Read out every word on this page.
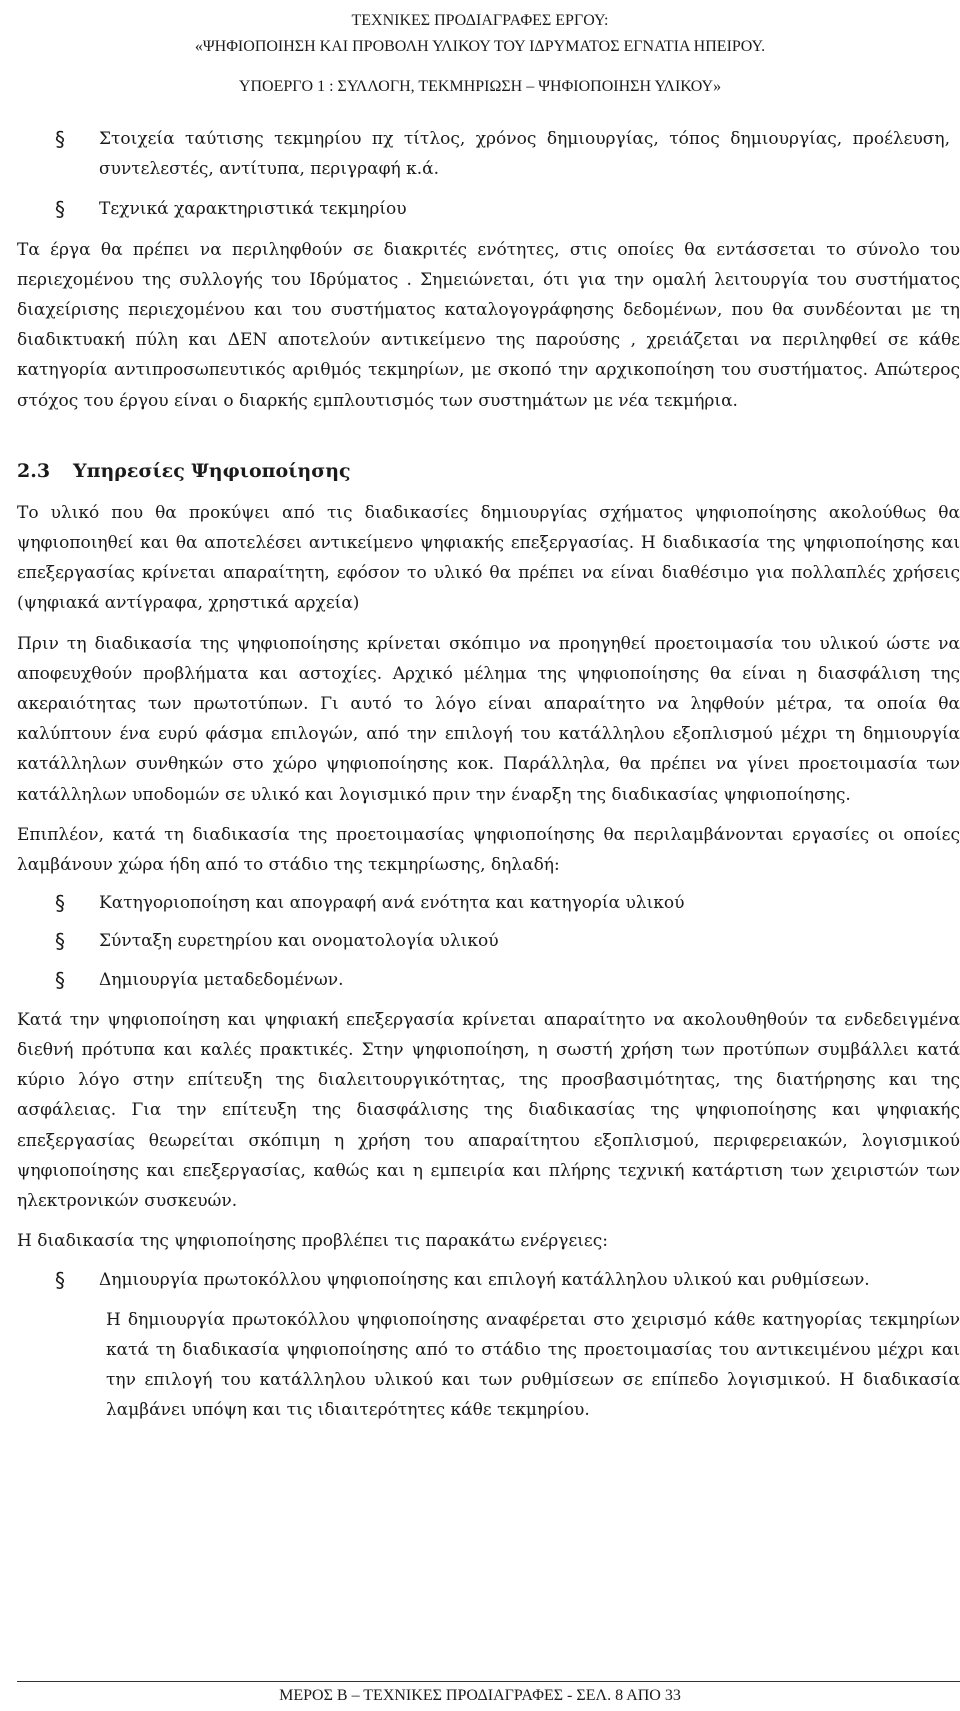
ΤΕΧΝΙΚΕΣ ΠΡΟΔΙΑΓΡΑΦΕΣ ΕΡΓΟΥ:
«ΨΗΦΙΟΠΟΙΗΣΗ ΚΑΙ ΠΡΟΒΟΛΗ ΥΛΙΚΟΥ ΤΟΥ ΙΔΡΥΜΑΤΟΣ ΕΓΝΑΤΙΑ ΗΠΕΙΡΟΥ.
ΥΠΟΕΡΓΟ 1 : ΣΥΛΛΟΓΗ, ΤΕΚΜΗΡΙΩΣΗ – ΨΗΦΙΟΠΟΙΗΣΗ ΥΛΙΚΟΥ»
§ Στοιχεία ταύτισης τεκμηρίου πχ τίτλος, χρόνος δημιουργίας, τόπος δημιουργίας, προέλευση, συντελεστές, αντίτυπα, περιγραφή κ.ά.
§ Τεχνικά χαρακτηριστικά τεκμηρίου

Τα έργα θα πρέπει να περιληφθούν σε διακριτές ενότητες, στις οποίες θα εντάσσεται το σύνολο του περιεχομένου της συλλογής του Ιδρύματος . Σημειώνεται, ότι για την ομαλή λειτουργία του συστήματος διαχείρισης περιεχομένου και του συστήματος καταλογογράφησης δεδομένων, που θα συνδέονται με τη διαδικτυακή πύλη και ΔΕΝ αποτελούν αντικείμενο της παρούσης , χρειάζεται να περιληφθεί σε κάθε κατηγορία αντιπροσωπευτικός αριθμός τεκμηρίων, με σκοπό την αρχικοποίηση του συστήματος. Απώτερος στόχος του έργου είναι ο διαρκής εμπλουτισμός των συστημάτων με νέα τεκμήρια.

2.3 Υπηρεσίες Ψηφιοποίησης

Το υλικό που θα προκύψει από τις διαδικασίες δημιουργίας σχήματος ψηφιοποίησης ακολούθως θα ψηφιοποιηθεί και θα αποτελέσει αντικείμενο ψηφιακής επεξεργασίας. Η διαδικασία της ψηφιοποίησης και επεξεργασίας κρίνεται απαραίτητη, εφόσον το υλικό θα πρέπει να είναι διαθέσιμο για πολλαπλές χρήσεις (ψηφιακά αντίγραφα, χρηστικά αρχεία)

Πριν τη διαδικασία της ψηφιοποίησης κρίνεται σκόπιμο να προηγηθεί προετοιμασία του υλικού ώστε να αποφευχθούν προβλήματα και αστοχίες. Αρχικό μέλημα της ψηφιοποίησης θα είναι η διασφάλιση της ακεραιότητας των πρωτοτύπων. Γι αυτό το λόγο είναι απαραίτητο να ληφθούν μέτρα, τα οποία θα καλύπτουν ένα ευρύ φάσμα επιλογών, από την επιλογή του κατάλληλου εξοπλισμού μέχρι τη δημιουργία κατάλληλων συνθηκών στο χώρο ψηφιοποίησης κοκ. Παράλληλα, θα πρέπει να γίνει προετοιμασία των κατάλληλων υποδομών σε υλικό και λογισμικό πριν την έναρξη της διαδικασίας ψηφιοποίησης.

Επιπλέον, κατά τη διαδικασία της προετοιμασίας ψηφιοποίησης θα περιλαμβάνονται εργασίες οι οποίες λαμβάνουν χώρα ήδη από το στάδιο της τεκμηρίωσης, δηλαδή:

§ Κατηγοριοποίηση και απογραφή ανά ενότητα και κατηγορία υλικού
§ Σύνταξη ευρετηρίου και ονοματολογία υλικού
§ Δημιουργία μεταδεδομένων.

Κατά την ψηφιοποίηση και ψηφιακή επεξεργασία κρίνεται απαραίτητο να ακολουθηθούν τα ενδεδειγμένα διεθνή πρότυπα και καλές πρακτικές. Στην ψηφιοποίηση, η σωστή χρήση των προτύπων συμβάλλει κατά κύριο λόγο στην επίτευξη της διαλειτουργικότητας, της προσβασιμότητας, της διατήρησης και της ασφάλειας. Για την επίτευξη της διασφάλισης της διαδικασίας της ψηφιοποίησης και ψηφιακής επεξεργασίας θεωρείται σκόπιμη η χρήση του απαραίτητου εξοπλισμού, περιφερειακών, λογισμικού ψηφιοποίησης και επεξεργασίας, καθώς και η εμπειρία και πλήρης τεχνική κατάρτιση των χειριστών των ηλεκτρονικών συσκευών.

Η διαδικασία της ψηφιοποίησης προβλέπει τις παρακάτω ενέργειες:

§ Δημιουργία πρωτοκόλλου ψηφιοποίησης και επιλογή κατάλληλου υλικού και ρυθμίσεων.

Η δημιουργία πρωτοκόλλου ψηφιοποίησης αναφέρεται στο χειρισμό κάθε κατηγορίας τεκμηρίων κατά τη διαδικασία ψηφιοποίησης από το στάδιο της προετοιμασίας του αντικειμένου μέχρι και την επιλογή του κατάλληλου υλικού και των ρυθμίσεων σε επίπεδο λογισμικού. Η διαδικασία λαμβάνει υπόψη και τις ιδιαιτερότητες κάθε τεκμηρίου.

ΜΕΡΟΣ Β – ΤΕΧΝΙΚΕΣ ΠΡΟΔΙΑΓΡΑΦΕΣ - ΣΕΛ. 8 ΑΠΟ 33
